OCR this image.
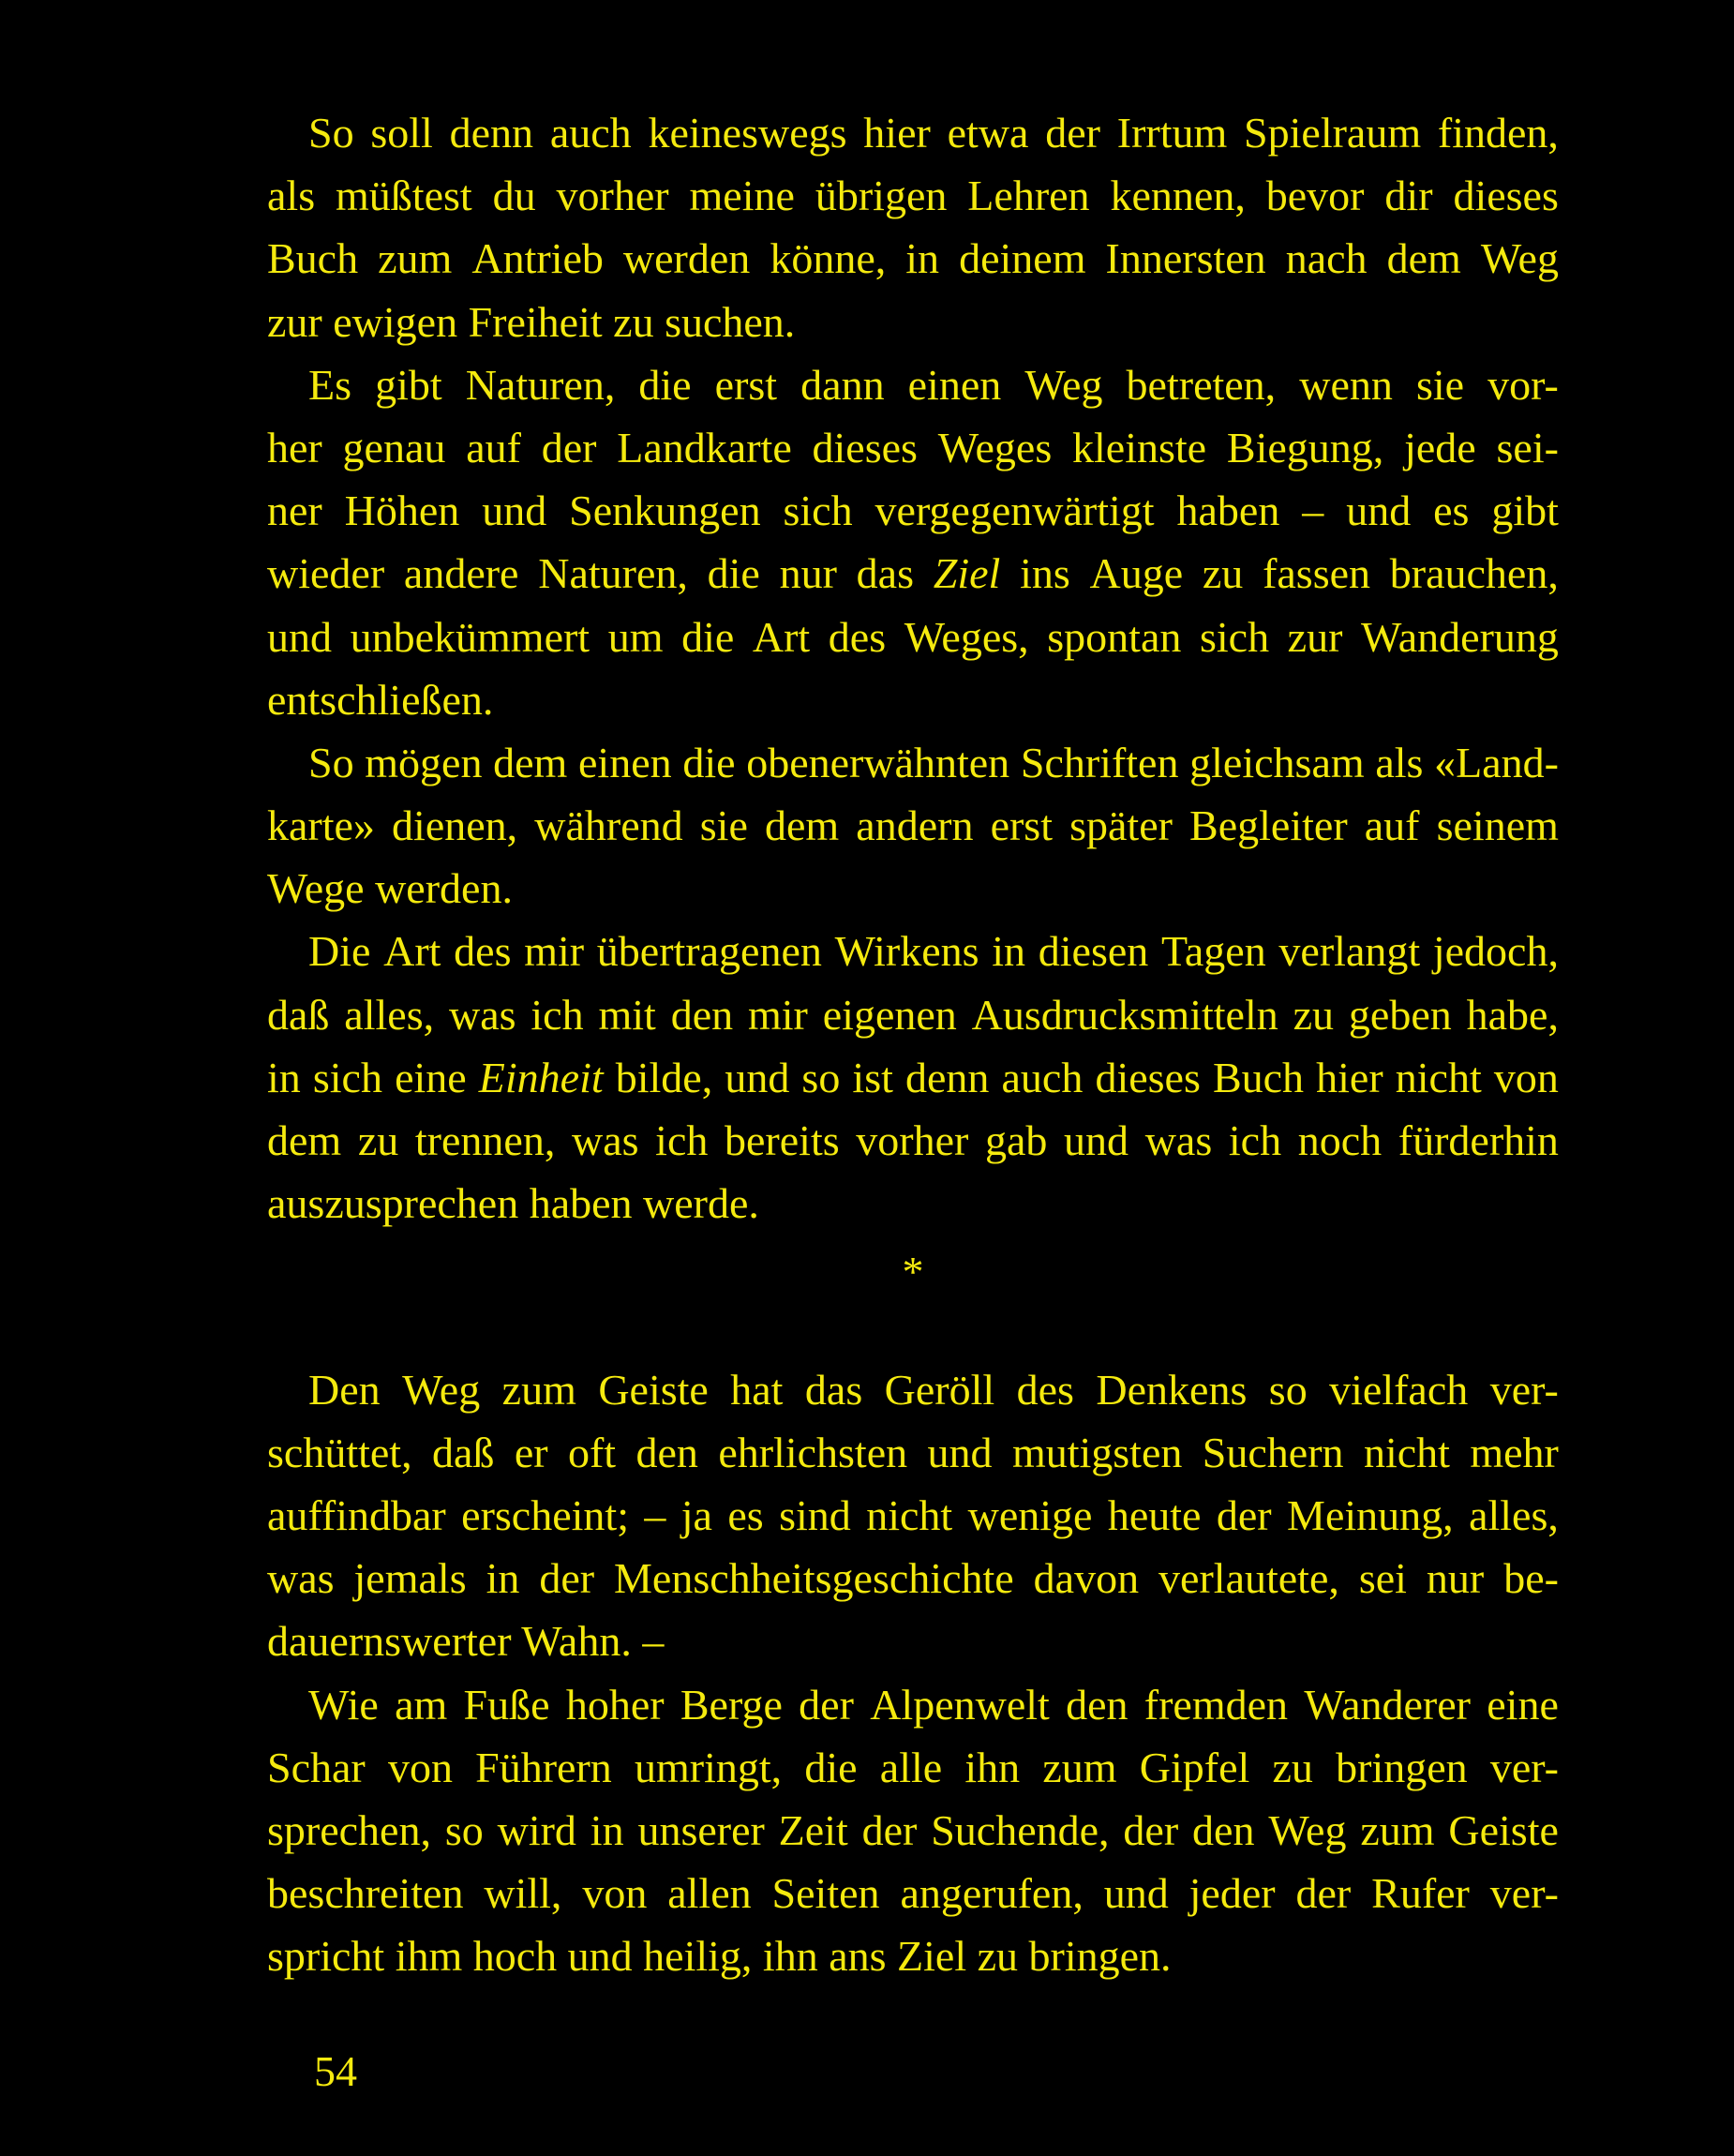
So soll denn auch keineswegs hier etwa der Irrtum Spielraum finden,
als müßtest du vorher meine übrigen Lehren kennen, bevor dir dieses
Buch zum Antrieb werden könne, in deinem Innersten nach dem Weg
zur ewigen Freiheit zu suchen.
Es gibt Naturen, die erst dann einen Weg betreten, wenn sie vor-
her genau auf der Landkarte dieses Weges kleinste Biegung, jede sei-
ner Höhen und Senkungen sich vergegenwärtigt haben – und es gibt
wieder andere Naturen, die nur das Ziel ins Auge zu fassen brauchen,
und unbekümmert um die Art des Weges, spontan sich zur Wanderung
entschließen.
So mögen dem einen die obenerwähnten Schriften gleichsam als «Land-
karte» dienen, während sie dem andern erst später Begleiter auf seinem
Wege werden.
Die Art des mir übertragenen Wirkens in diesen Tagen verlangt jedoch,
daß alles, was ich mit den mir eigenen Ausdrucksmitteln zu geben habe,
in sich eine Einheit bilde, und so ist denn auch dieses Buch hier nicht von
dem zu trennen, was ich bereits vorher gab und was ich noch fürderhin
auszusprechen haben werde.
*
Den Weg zum Geiste hat das Geröll des Denkens so vielfach ver-
schüttet, daß er oft den ehrlichsten und mutigsten Suchern nicht mehr
auffindbar erscheint; – ja es sind nicht wenige heute der Meinung, alles,
was jemals in der Menschheitsgeschichte davon verlautete, sei nur be-
dauernswerter Wahn. –
Wie am Fuße hoher Berge der Alpenwelt den fremden Wanderer eine
Schar von Führern umringt, die alle ihn zum Gipfel zu bringen ver-
sprechen, so wird in unserer Zeit der Suchende, der den Weg zum Geiste
beschreiten will, von allen Seiten angerufen, und jeder der Rufer ver-
spricht ihm hoch und heilig, ihn ans Ziel zu bringen.
54
